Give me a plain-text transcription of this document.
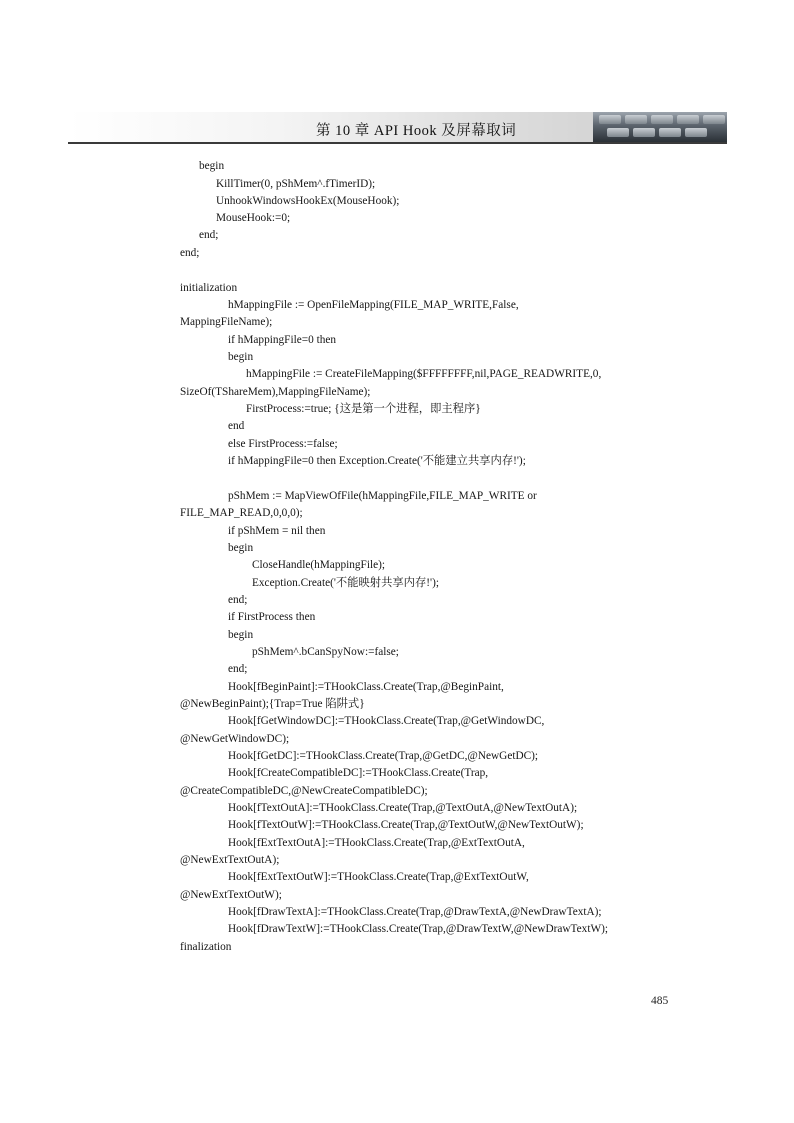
第 10 章 API Hook 及屏幕取词
begin
KillTimer(0, pShMem^.fTimerID);
UnhookWindowsHookEx(MouseHook);
MouseHook:=0;
end;
end;
initialization
hMappingFile := OpenFileMapping(FILE_MAP_WRITE,False,
MappingFileName);
if hMappingFile=0 then
begin
hMappingFile := CreateFileMapping($FFFFFFFF,nil,PAGE_READWRITE,0,
SizeOf(TShareMem),MappingFileName);
FirstProcess:=true; {这是第一个进程，即主程序}
end
else FirstProcess:=false;
if hMappingFile=0 then Exception.Create('不能建立共享内存!');
pShMem := MapViewOfFile(hMappingFile,FILE_MAP_WRITE or
FILE_MAP_READ,0,0,0);
if pShMem = nil then
begin
CloseHandle(hMappingFile);
Exception.Create('不能映射共享内存!');
end;
if FirstProcess then
begin
pShMem^.bCanSpyNow:=false;
end;
Hook[fBeginPaint]:=THookClass.Create(Trap,@BeginPaint,
@NewBeginPaint);{Trap=True 陷阱式}
Hook[fGetWindowDC]:=THookClass.Create(Trap,@GetWindowDC,
@NewGetWindowDC);
Hook[fGetDC]:=THookClass.Create(Trap,@GetDC,@NewGetDC);
Hook[fCreateCompatibleDC]:=THookClass.Create(Trap,
@CreateCompatibleDC,@NewCreateCompatibleDC);
Hook[fTextOutA]:=THookClass.Create(Trap,@TextOutA,@NewTextOutA);
Hook[fTextOutW]:=THookClass.Create(Trap,@TextOutW,@NewTextOutW);
Hook[fExtTextOutA]:=THookClass.Create(Trap,@ExtTextOutA,
@NewExtTextOutA);
Hook[fExtTextOutW]:=THookClass.Create(Trap,@ExtTextOutW,
@NewExtTextOutW);
Hook[fDrawTextA]:=THookClass.Create(Trap,@DrawTextA,@NewDrawTextA);
Hook[fDrawTextW]:=THookClass.Create(Trap,@DrawTextW,@NewDrawTextW);
finalization
485
